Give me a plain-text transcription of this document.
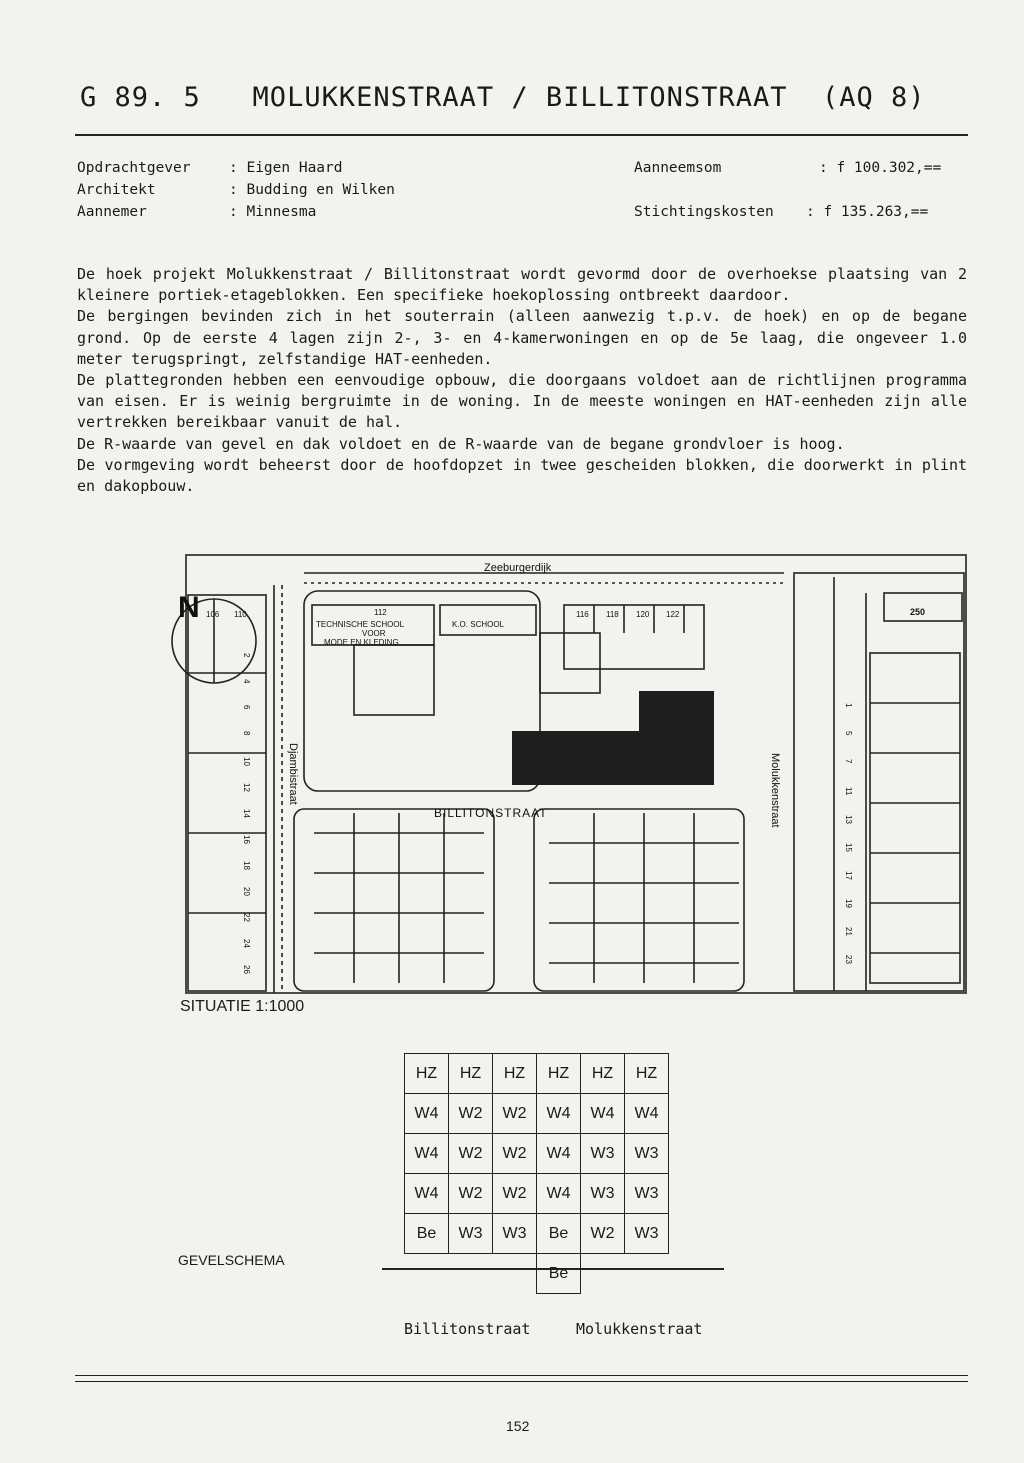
G 89. 5   MOLUKKENSTRAAT / BILLITONSTRAAT  (AQ 8)
Opdrachtgever	: Eigen Haard
Architekt	: Budding en Wilken
Aannemer	: Minnesma
Aanneemsom	: f 100.302,==
Stichtingskosten : f 135.263,==

De hoek projekt Molukkenstraat / Billitonstraat wordt gevormd door de overhoekse plaatsing van 2 kleinere portiek-etageblokken. Een specifieke hoekoplossing ontbreekt daardoor.

De bergingen bevinden zich in het souterrain (alleen aanwezig t.p.v. de hoek) en op de begane grond. Op de eerste 4 lagen zijn 2-, 3- en 4-kamerwoningen en op de 5e laag, die ongeveer 1.0 meter terugspringt, zelfstandige HAT-eenheden.

De plattegronden hebben een eenvoudige opbouw, die doorgaans voldoet aan de richtlijnen programma van eisen. Er is weinig bergruimte in de woning. In de meeste woningen en HAT-eenheden zijn alle vertrekken bereikbaar vanuit de hal.

De R-waarde van gevel en dak voldoet en de R-waarde van de begane grondvloer is hoog.

De vormgeving wordt beheerst door de hoofdopzet in twee gescheiden blokken, die doorwerkt in plint en dakopbouw.

N
Zeeburgerdijk
BILLITONSTRAAT
Djambistraat	Molukkenstraat
TECHNISCHE SCHOOL
VOOR
MODE EN KLEDING
K.O. SCHOOL
112	250
116 118 120 122
2
4
6
8
10
12
14
16
18
20
22
24
26
1
5
7
11
13
15
17
19
21
23
106 110
SITUATIE 1:1000
GEVELSCHEMA
HZ	HZ	HZ	HZ	HZ	HZ
W4	W2	W2	W4	W4	W4
W4	W2	W2	W4	W3	W3
W4	W2	W2	W4	W3	W3
Be	W3	W3	Be	W2	W3
			Be		
Billitonstraat	Molukkenstraat
152
